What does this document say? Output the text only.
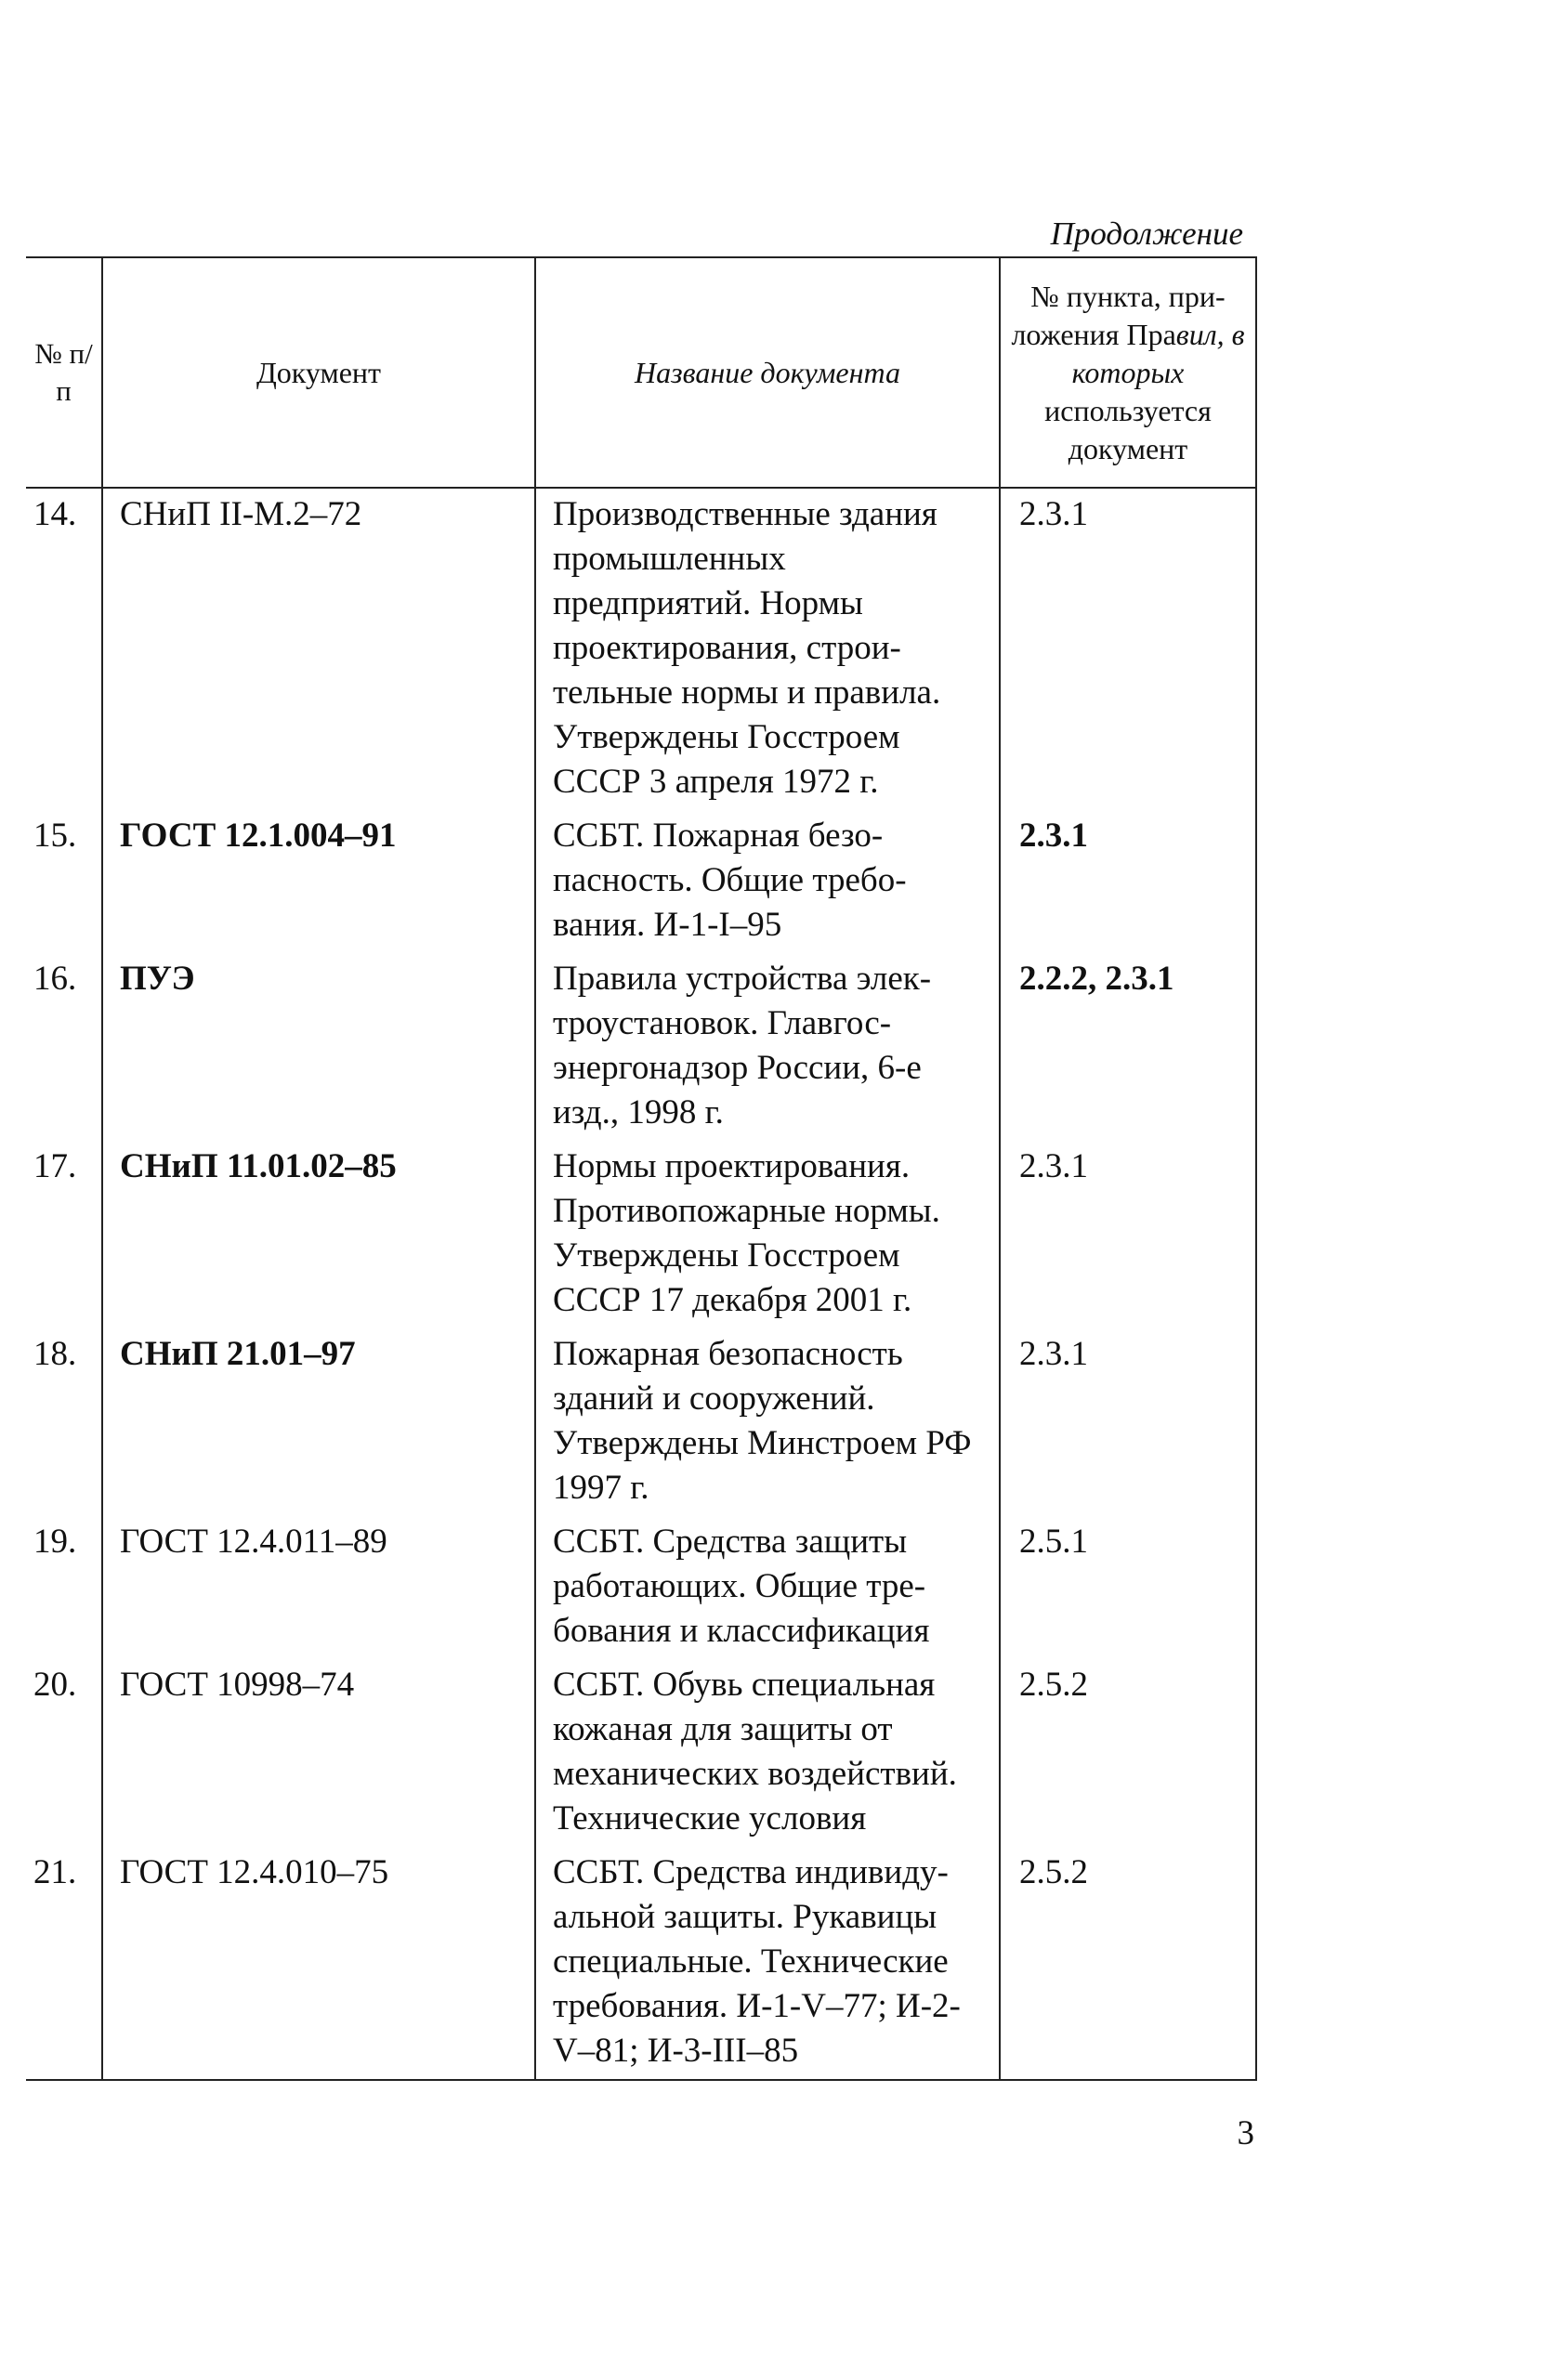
Продолжение
№ п/п	Документ	Название документа	№ пункта, приложения Правил, в которых используется документ
14.	СНиП II-М.2–72	Производственные здания промышленных предприятий. Нормы проектирования, строительные нормы и правила. Утверждены Госстроем СССР 3 апреля 1972 г.	2.3.1
15.	ГОСТ 12.1.004–91	ССБТ. Пожарная безопасность. Общие требования. И-1-I–95	2.3.1
16.	ПУЭ	Правила устройства электроустановок. Главгосэнергонадзор России, 6-е изд., 1998 г.	2.2.2, 2.3.1
17.	СНиП 11.01.02–85	Нормы проектирования. Противопожарные нормы. Утверждены Госстроем СССР 17 декабря 2001 г.	2.3.1
18.	СНиП 21.01–97	Пожарная безопасность зданий и сооружений. Утверждены Минстроем РФ 1997 г.	2.3.1
19.	ГОСТ 12.4.011–89	ССБТ. Средства защиты работающих. Общие требования и классификация	2.5.1
20.	ГОСТ 10998–74	ССБТ. Обувь специальная кожаная для защиты от механических воздействий. Технические условия	2.5.2
21.	ГОСТ 12.4.010–75	ССБТ. Средства индивидуальной защиты. Рукавицы специальные. Технические требования. И-1-V–77; И-2-V–81; И-3-III–85	2.5.2
3
